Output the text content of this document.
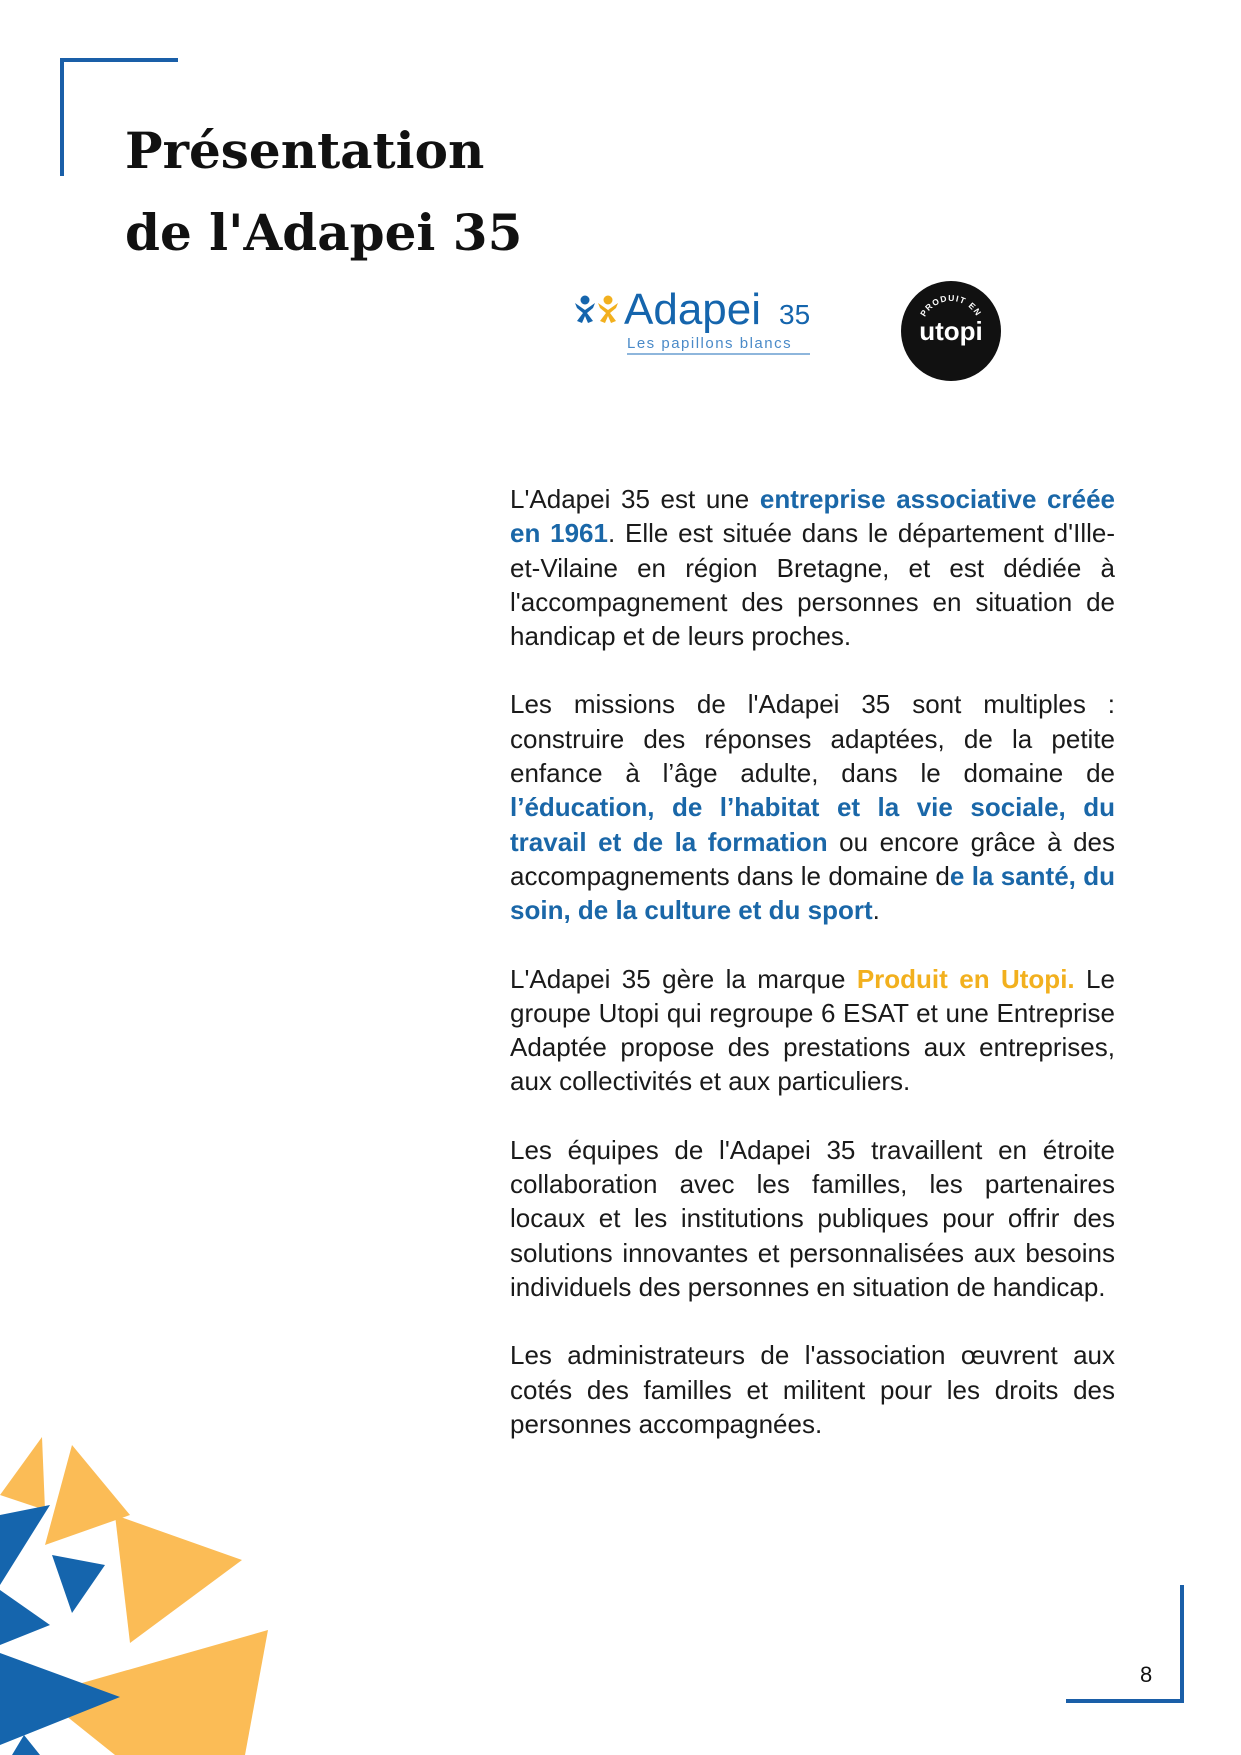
Présentation
de l'Adapei 35
Adapei 35
Les papillons blancs
PRODUIT EN
utopi

L'Adapei 35 est une entreprise associative créée en 1961. Elle est située dans le département d'Ille-et-Vilaine en région Bretagne, et est dédiée à l'accompagnement des personnes en situation de handicap et de leurs proches.

Les missions de l'Adapei 35 sont multiples : construire des réponses adaptées, de la petite enfance à l’âge adulte, dans le domaine de l’éducation, de l’habitat et la vie sociale, du travail et de la formation ou encore grâce à des accompagnements dans le domaine de la santé, du soin, de la culture et du sport.

L'Adapei 35 gère la marque Produit en Utopi. Le groupe Utopi qui regroupe 6 ESAT et une Entreprise Adaptée propose des prestations aux entreprises, aux collectivités et aux particuliers.

Les équipes de l'Adapei 35 travaillent en étroite collaboration avec les familles, les partenaires locaux et les institutions publiques pour offrir des solutions innovantes et personnalisées aux besoins individuels des personnes en situation de handicap.

Les administrateurs de l'association œuvrent aux cotés des familles et militent pour les droits des personnes accompagnées.

8
